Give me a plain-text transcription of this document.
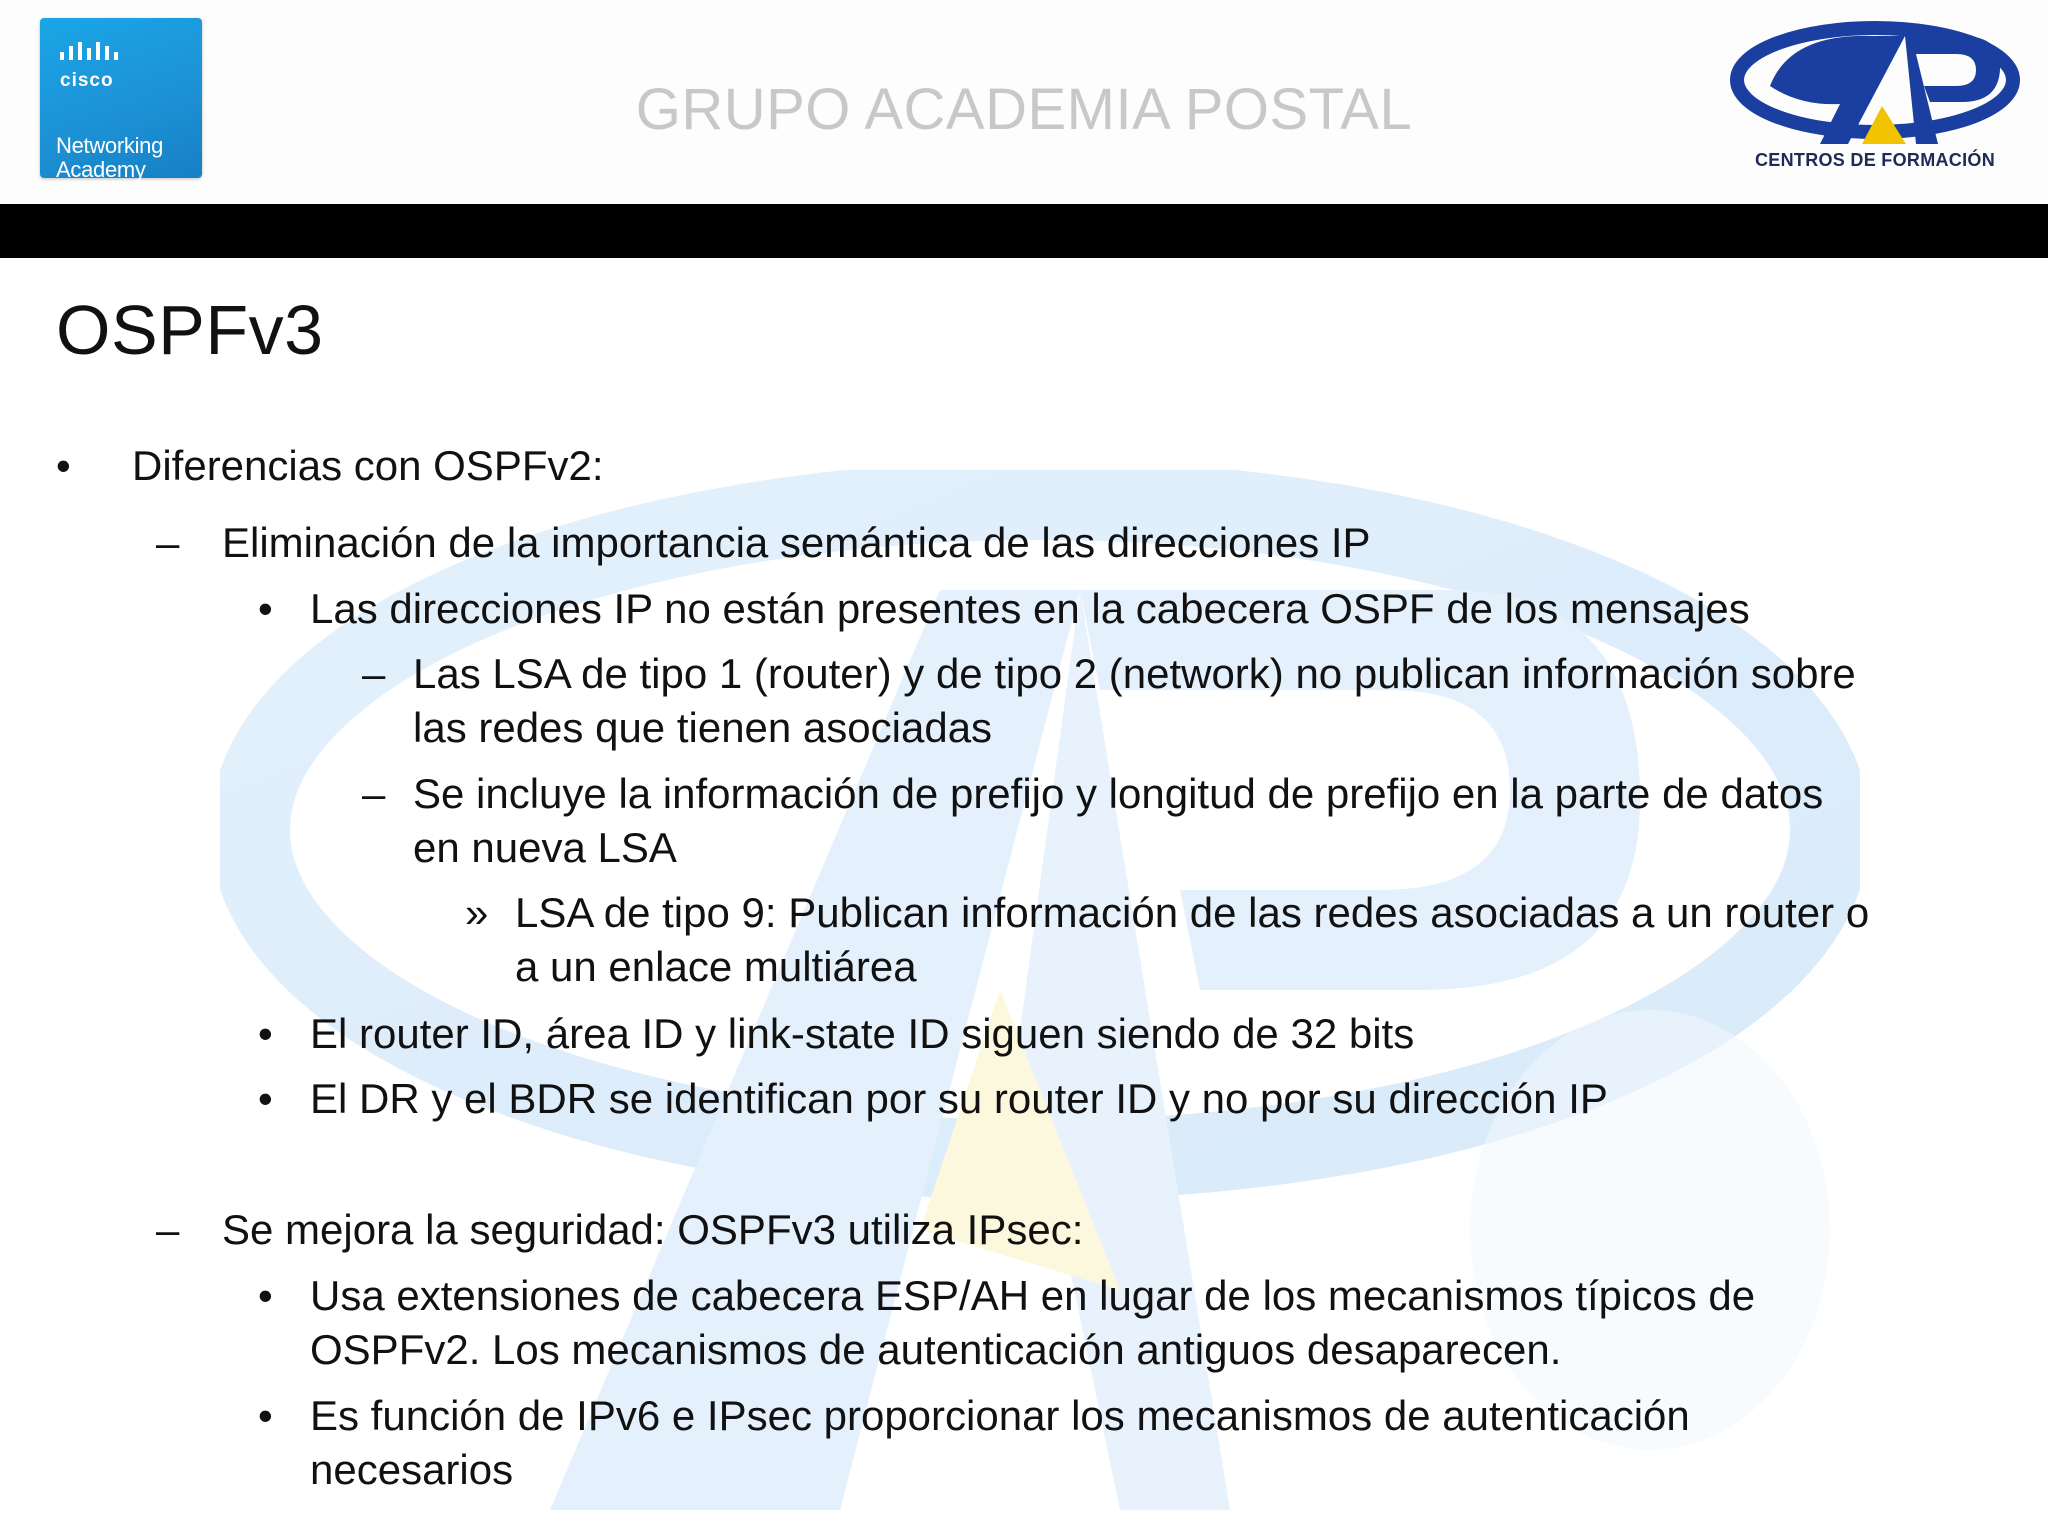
cisco
Networking
Academy
GRUPO ACADEMIA POSTAL
CENTROS DE FORMACIÓN
OSPFv3
• Diferencias con OSPFv2:
– Eliminación de la importancia semántica de las direcciones IP
• Las direcciones IP no están presentes en la cabecera OSPF de los mensajes
– Las LSA de tipo 1 (router) y de tipo 2 (network) no publican información sobre
las redes que tienen asociadas
– Se incluye la información de prefijo y longitud de prefijo en la parte de datos
en nueva LSA
» LSA de tipo 9: Publican información de las redes asociadas a un router o
a un enlace multiárea
• El router ID, área ID y link-state ID siguen siendo de 32 bits
• El DR y el BDR se identifican por su router ID y no por su dirección IP
– Se mejora la seguridad: OSPFv3 utiliza IPsec:
• Usa extensiones de cabecera ESP/AH en lugar de los mecanismos típicos de
OSPFv2. Los mecanismos de autenticación antiguos desaparecen.
• Es función de IPv6 e IPsec proporcionar los mecanismos de autenticación
necesarios
